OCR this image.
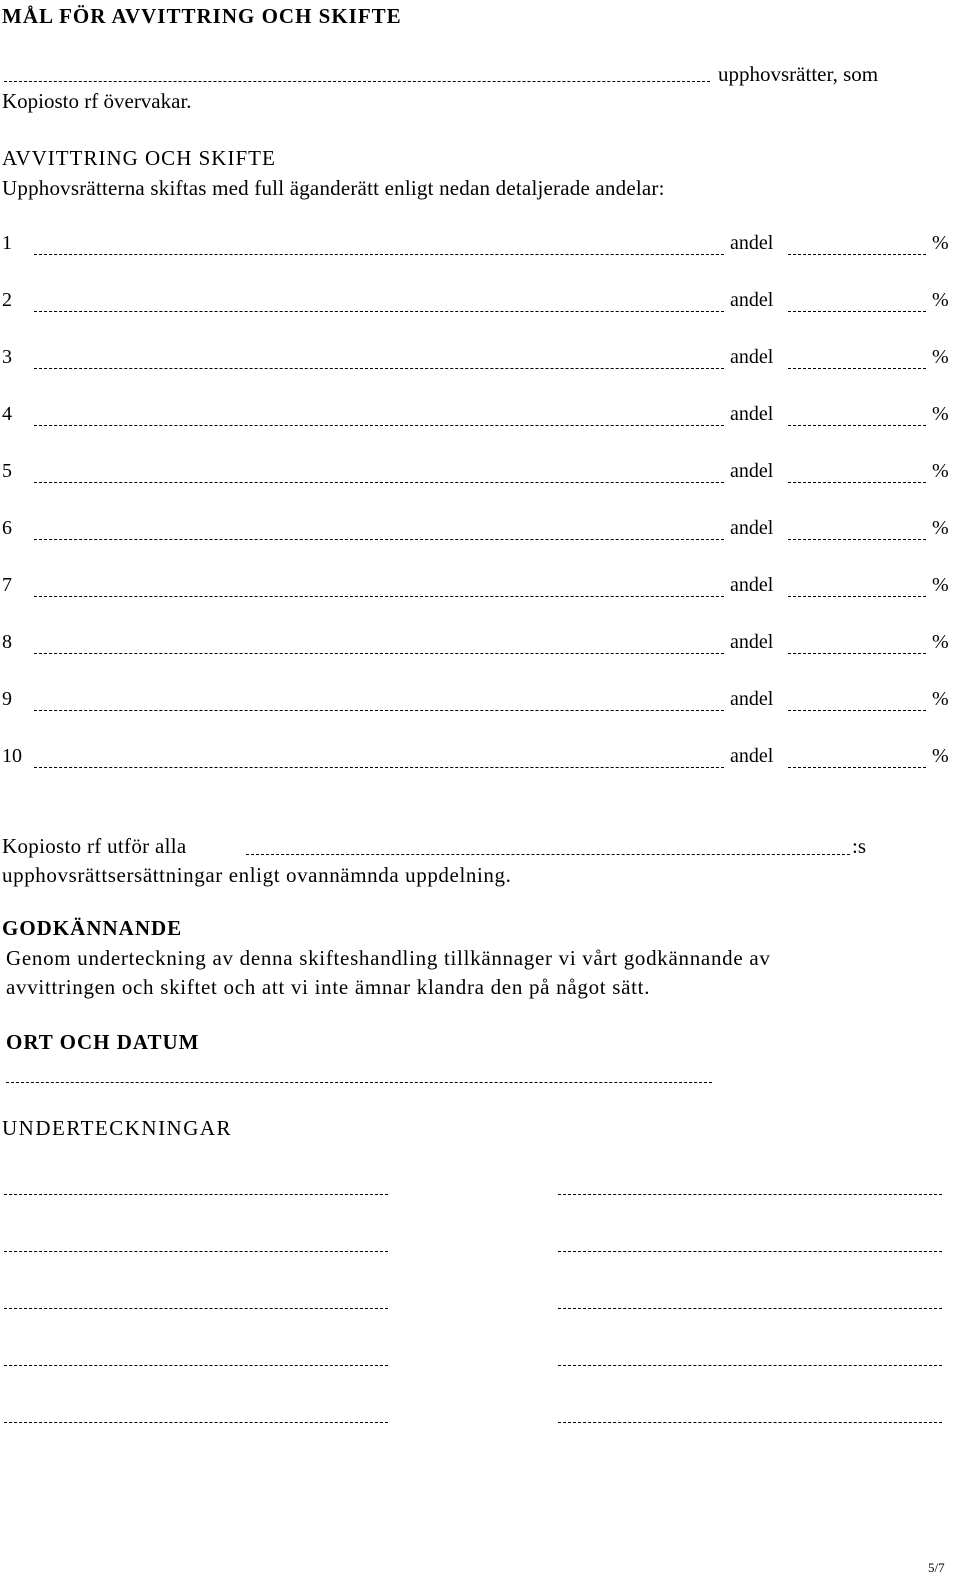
MÅL FÖR AVVITTRING OCH SKIFTE
upphovsrätter, som
Kopiosto rf övervakar.
AVVITTRING OCH SKIFTE
Upphovsrätterna skiftas med full äganderätt enligt nedan detaljerade andelar:
1	andel	%
2	andel	%
3	andel	%
4	andel	%
5	andel	%
6	andel	%
7	andel	%
8	andel	%
9	andel	%
10	andel	%
Kopiosto rf utför alla	:s
upphovsrättsersättningar enligt ovannämnda uppdelning.
GODKÄNNANDE
Genom underteckning av denna skifteshandling tillkännager vi vårt godkännande av
avvittringen och skiftet och att vi inte ämnar klandra den på något sätt.
ORT OCH DATUM
UNDERTECKNINGAR
5/7
